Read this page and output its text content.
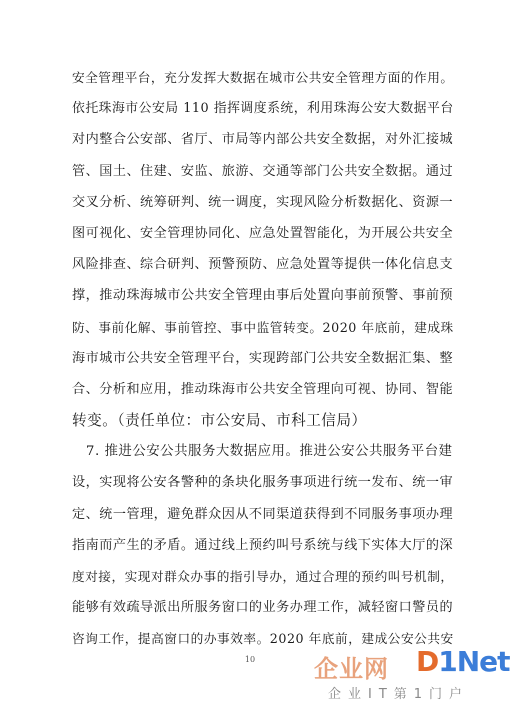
安全管理平台，充分发挥大数据在城市公共安全管理方面的作用。
依托珠海市公安局 110 指挥调度系统，利用珠海公安大数据平台
对内整合公安部、省厅、市局等内部公共安全数据，对外汇接城
管、国土、住建、安监、旅游、交通等部门公共安全数据。通过
交叉分析、统筹研判、统一调度，实现风险分析数据化、资源一
图可视化、安全管理协同化、应急处置智能化，为开展公共安全
风险排查、综合研判、预警预防、应急处置等提供一体化信息支
撑，推动珠海城市公共安全管理由事后处置向事前预警、事前预
防、事前化解、事前管控、事中监管转变。2020 年底前，建成珠
海市城市公共安全管理平台，实现跨部门公共安全数据汇集、整
合、分析和应用，推动珠海市公共安全管理向可视、协同、智能
转变。（责任单位：市公安局、市科工信局）
　7. 推进公安公共服务大数据应用。推进公安公共服务平台建
设，实现将公安各警种的条块化服务事项进行统一发布、统一审
定、统一管理，避免群众因从不同渠道获得到不同服务事项办理
指南而产生的矛盾。通过线上预约叫号系统与线下实体大厅的深
度对接，实现对群众办事的指引导办，通过合理的预约叫号机制，
能够有效疏导派出所服务窗口的业务办理工作，减轻窗口警员的
咨询工作，提高窗口的办事效率。2020 年底前，建成公安公共安
10	企业网 D1Net
企业IT第1门户
